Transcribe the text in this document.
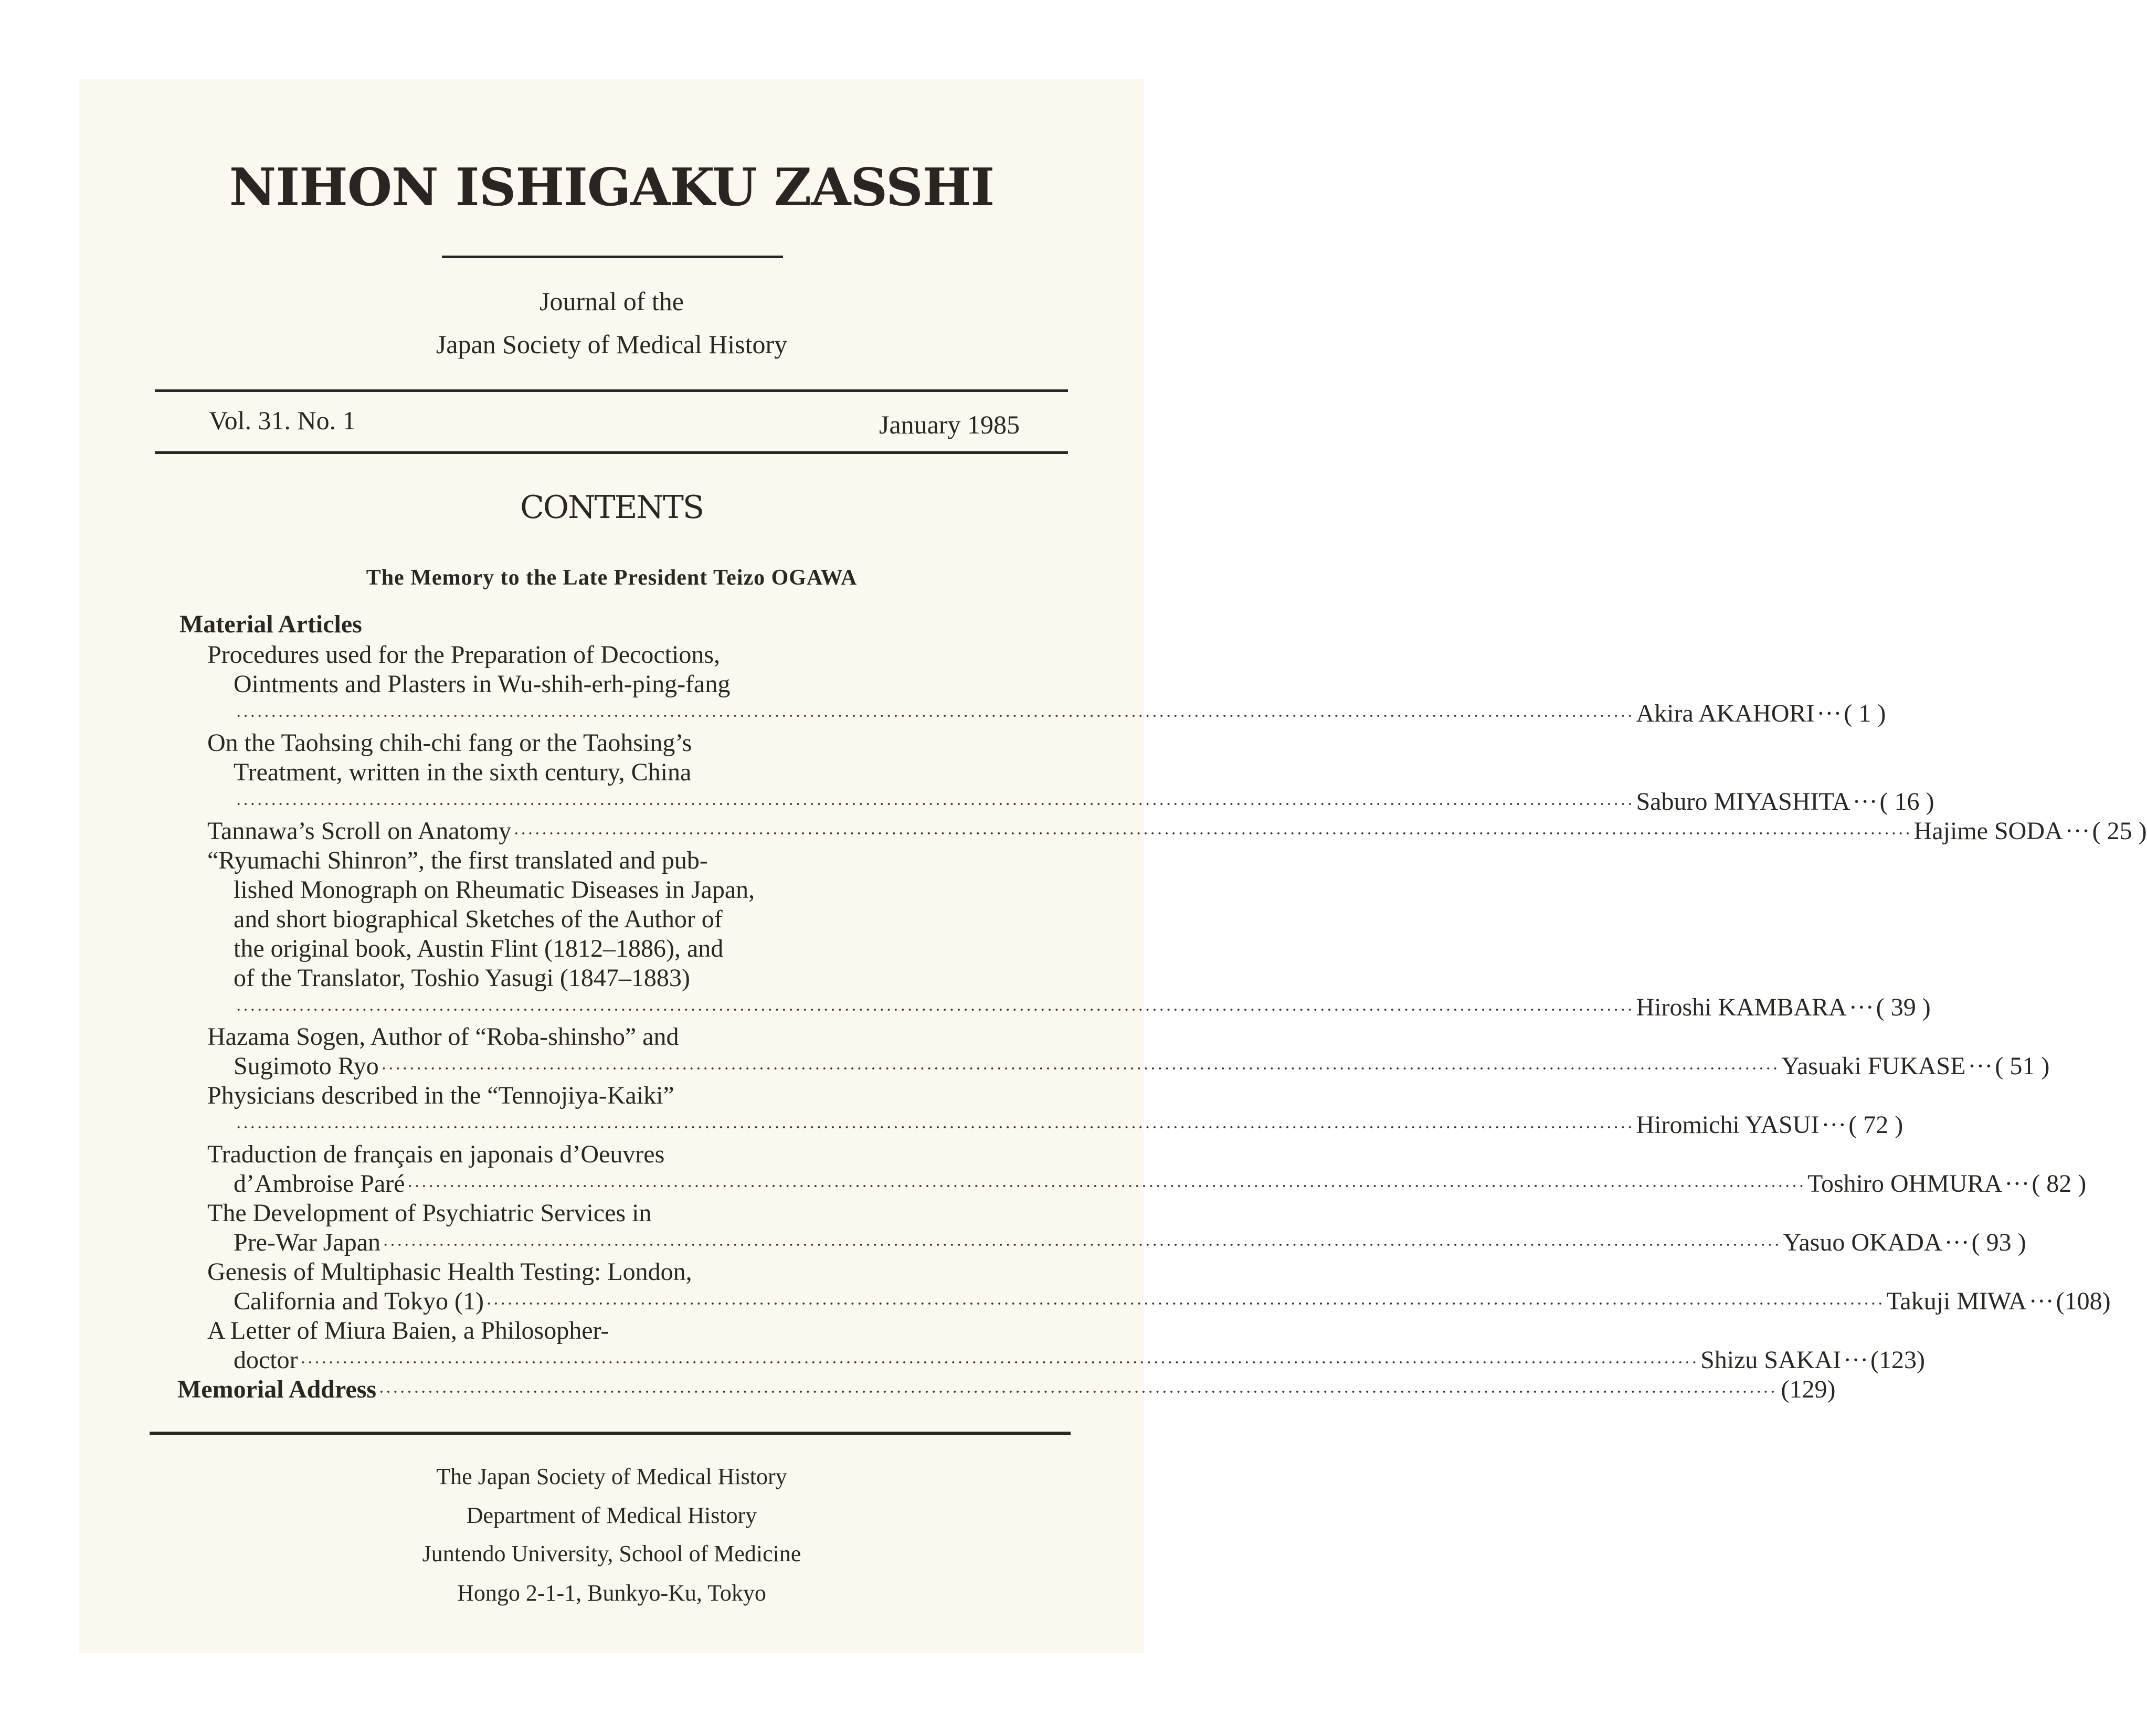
NIHON ISHIGAKU ZASSHI
Journal of the
Japan Society of Medical History
Vol. 31. No. 1	January 1985
CONTENTS
The Memory to the Late President Teizo OGAWA
Material Articles
Procedures used for the Preparation of Decoctions,
Ointments and Plasters in Wu-shih-erh-ping-fang
········································································································································································································ Akira AKAHORI ··· ( 1 )
On the Taohsing chih-chi fang or the Taohsing’s
Treatment, written in the sixth century, China
········································································································································································································ Saburo MIYASHITA ··· ( 16 )
Tannawa’s Scroll on Anatomy ········································································································································································································ Hajime SODA ··· ( 25 )
“Ryumachi Shinron”, the first translated and pub-
lished Monograph on Rheumatic Diseases in Japan,
and short biographical Sketches of the Author of
the original book, Austin Flint (1812–1886), and
of the Translator, Toshio Yasugi (1847–1883)
········································································································································································································ Hiroshi KAMBARA ··· ( 39 )
Hazama Sogen, Author of “Roba-shinsho” and
Sugimoto Ryo ········································································································································································································ Yasuaki FUKASE ··· ( 51 )
Physicians described in the “Tennojiya-Kaiki”
········································································································································································································ Hiromichi YASUI ··· ( 72 )
Traduction de français en japonais d’Oeuvres
d’Ambroise Paré ········································································································································································································ Toshiro OHMURA ··· ( 82 )
The Development of Psychiatric Services in
Pre-War Japan ········································································································································································································ Yasuo OKADA ··· ( 93 )
Genesis of Multiphasic Health Testing: London,
California and Tokyo (1) ········································································································································································································ Takuji MIWA ··· (108)
A Letter of Miura Baien, a Philosopher-
doctor ········································································································································································································ Shizu SAKAI ··· (123)
Memorial Address ········································································································································································································ (129)
The Japan Society of Medical History
Department of Medical History
Juntendo University, School of Medicine
Hongo 2-1-1, Bunkyo-Ku, Tokyo
